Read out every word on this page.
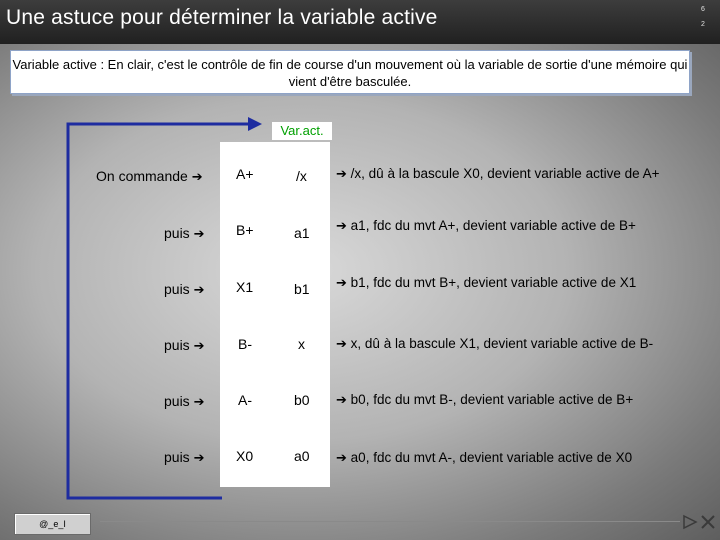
Une astuce pour déterminer la variable active	6
2
Variable active : En clair, c'est le contrôle de fin de course d'un mouvement où la variable de sortie d'une mémoire qui vient d'être basculée.
Var.act.
On commande ➔ A+	/x ➔ /x, dû à la bascule X0, devient variable active de A+
puis ➔ B+	a1 ➔ a1, fdc du mvt A+, devient variable active de B+
puis ➔ X1	b1 ➔ b1, fdc du mvt B+, devient variable active de X1
puis ➔ B-	x ➔ x, dû à la bascule X1, devient variable active de B-
puis ➔ A-	b0 ➔ b0, fdc du mvt B-, devient variable active de B+
puis ➔ X0	a0 ➔ a0, fdc du mvt A-, devient variable active de X0
@_e_I
